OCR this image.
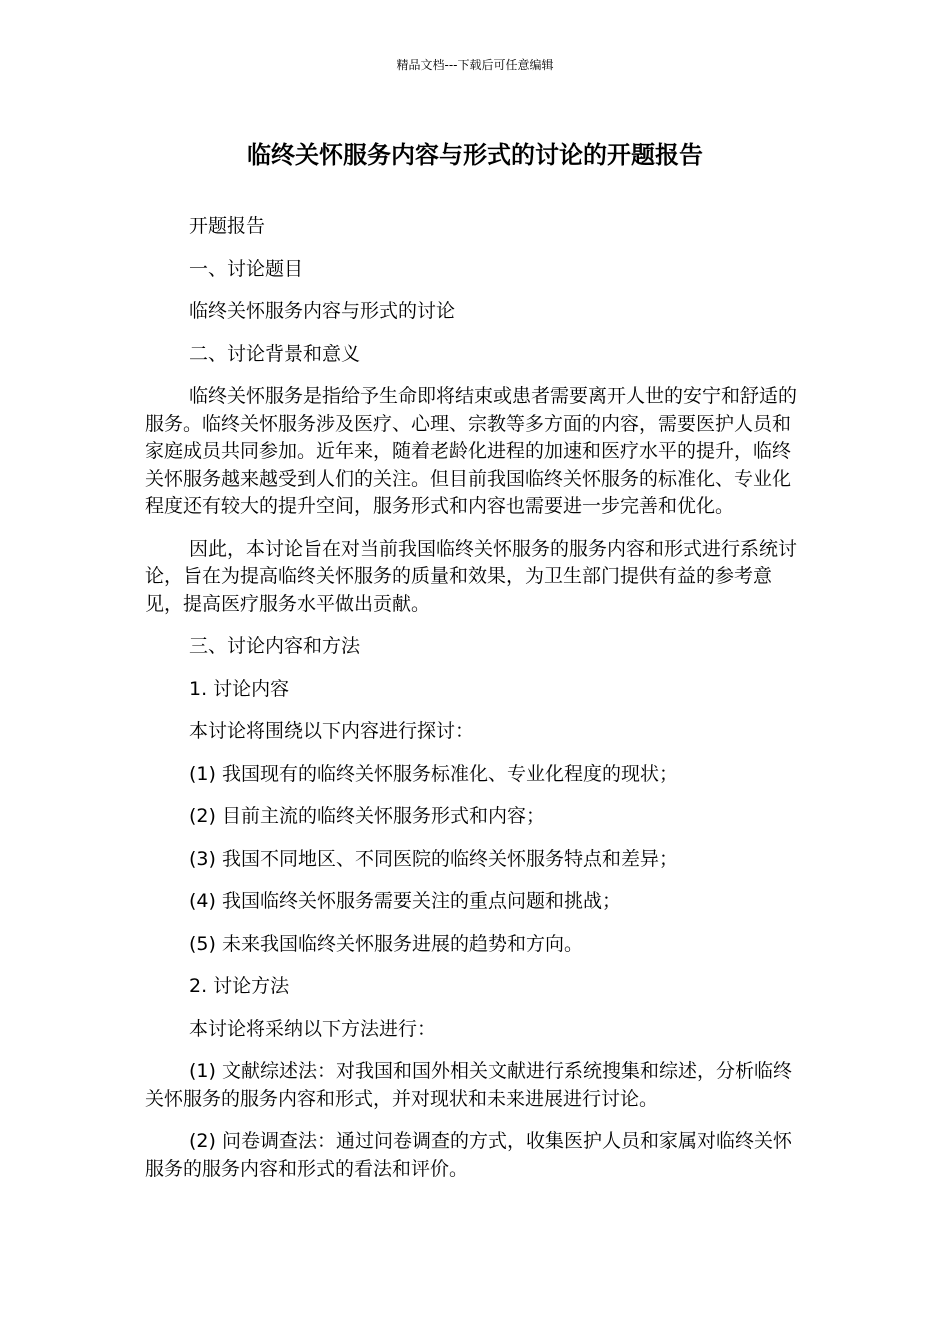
精品文档---下载后可任意编辑
临终关怀服务内容与形式的讨论的开题报告

开题报告

一、讨论题目

临终关怀服务内容与形式的讨论

二、讨论背景和意义

临终关怀服务是指给予生命即将结束或患者需要离开人世的安宁和舒适的服务。临终关怀服务涉及医疗、心理、宗教等多方面的内容，需要医护人员和家庭成员共同参加。近年来，随着老龄化进程的加速和医疗水平的提升，临终关怀服务越来越受到人们的关注。但目前我国临终关怀服务的标准化、专业化程度还有较大的提升空间，服务形式和内容也需要进一步完善和优化。

因此，本讨论旨在对当前我国临终关怀服务的服务内容和形式进行系统讨论，旨在为提高临终关怀服务的质量和效果，为卫生部门提供有益的参考意见，提高医疗服务水平做出贡献。

三、讨论内容和方法

1. 讨论内容

本讨论将围绕以下内容进行探讨：

(1) 我国现有的临终关怀服务标准化、专业化程度的现状；

(2) 目前主流的临终关怀服务形式和内容；

(3) 我国不同地区、不同医院的临终关怀服务特点和差异；

(4) 我国临终关怀服务需要关注的重点问题和挑战；

(5) 未来我国临终关怀服务进展的趋势和方向。

2. 讨论方法

本讨论将采纳以下方法进行：

(1) 文献综述法：对我国和国外相关文献进行系统搜集和综述，分析临终关怀服务的服务内容和形式，并对现状和未来进展进行讨论。

(2) 问卷调查法：通过问卷调查的方式，收集医护人员和家属对临终关怀服务的服务内容和形式的看法和评价。
